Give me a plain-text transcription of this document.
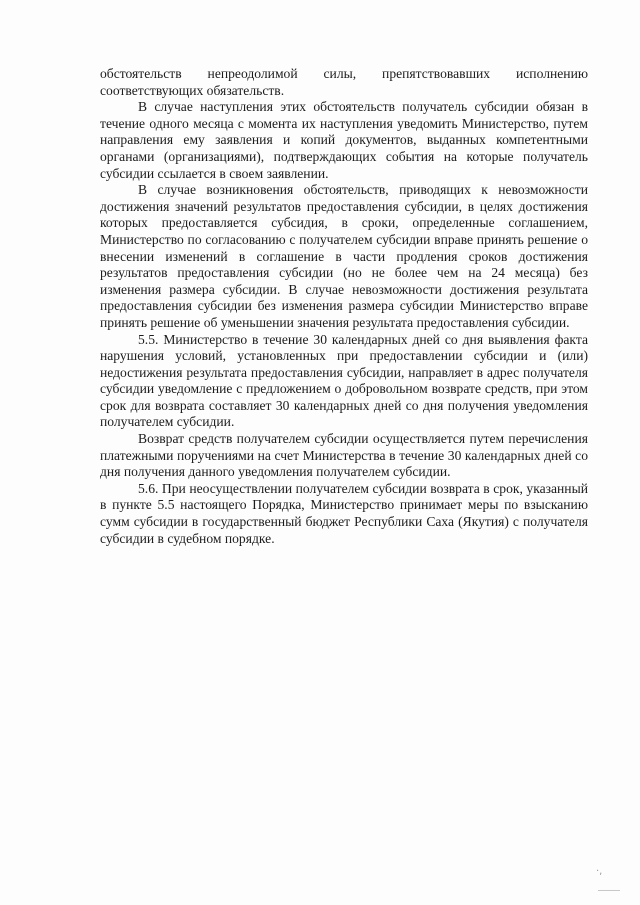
обстоятельств непреодолимой силы, препятствовавших исполнению соответствующих обязательств.

В случае наступления этих обстоятельств получатель субсидии обязан в течение одного месяца с момента их наступления уведомить Министерство, путем направления ему заявления и копий документов, выданных компетентными органами (организациями), подтверждающих события на которые получатель субсидии ссылается в своем заявлении.

В случае возникновения обстоятельств, приводящих к невозможности достижения значений результатов предоставления субсидии, в целях достижения которых предоставляется субсидия, в сроки, определенные соглашением, Министерство по согласованию с получателем субсидии вправе принять решение о внесении изменений в соглашение в части продления сроков достижения результатов предоставления субсидии (но не более чем на 24 месяца) без изменения размера субсидии. В случае невозможности достижения результата предоставления субсидии без изменения размера субсидии Министерство вправе принять решение об уменьшении значения результата предоставления субсидии.

5.5. Министерство в течение 30 календарных дней со дня выявления факта нарушения условий, установленных при предоставлении субсидии и (или) недостижения результата предоставления субсидии, направляет в адрес получателя субсидии уведомление с предложением о добровольном возврате средств, при этом срок для возврата составляет 30 календарных дней со дня получения уведомления получателем субсидии.

Возврат средств получателем субсидии осуществляется путем перечисления платежными поручениями на счет Министерства в течение 30 календарных дней со дня получения данного уведомления получателем субсидии.

5.6. При неосуществлении получателем субсидии возврата в срок, указанный в пункте 5.5 настоящего Порядка, Министерство принимает меры по взысканию сумм субсидии в государственный бюджет Республики Саха (Якутия) с получателя субсидии в судебном порядке.

·,
